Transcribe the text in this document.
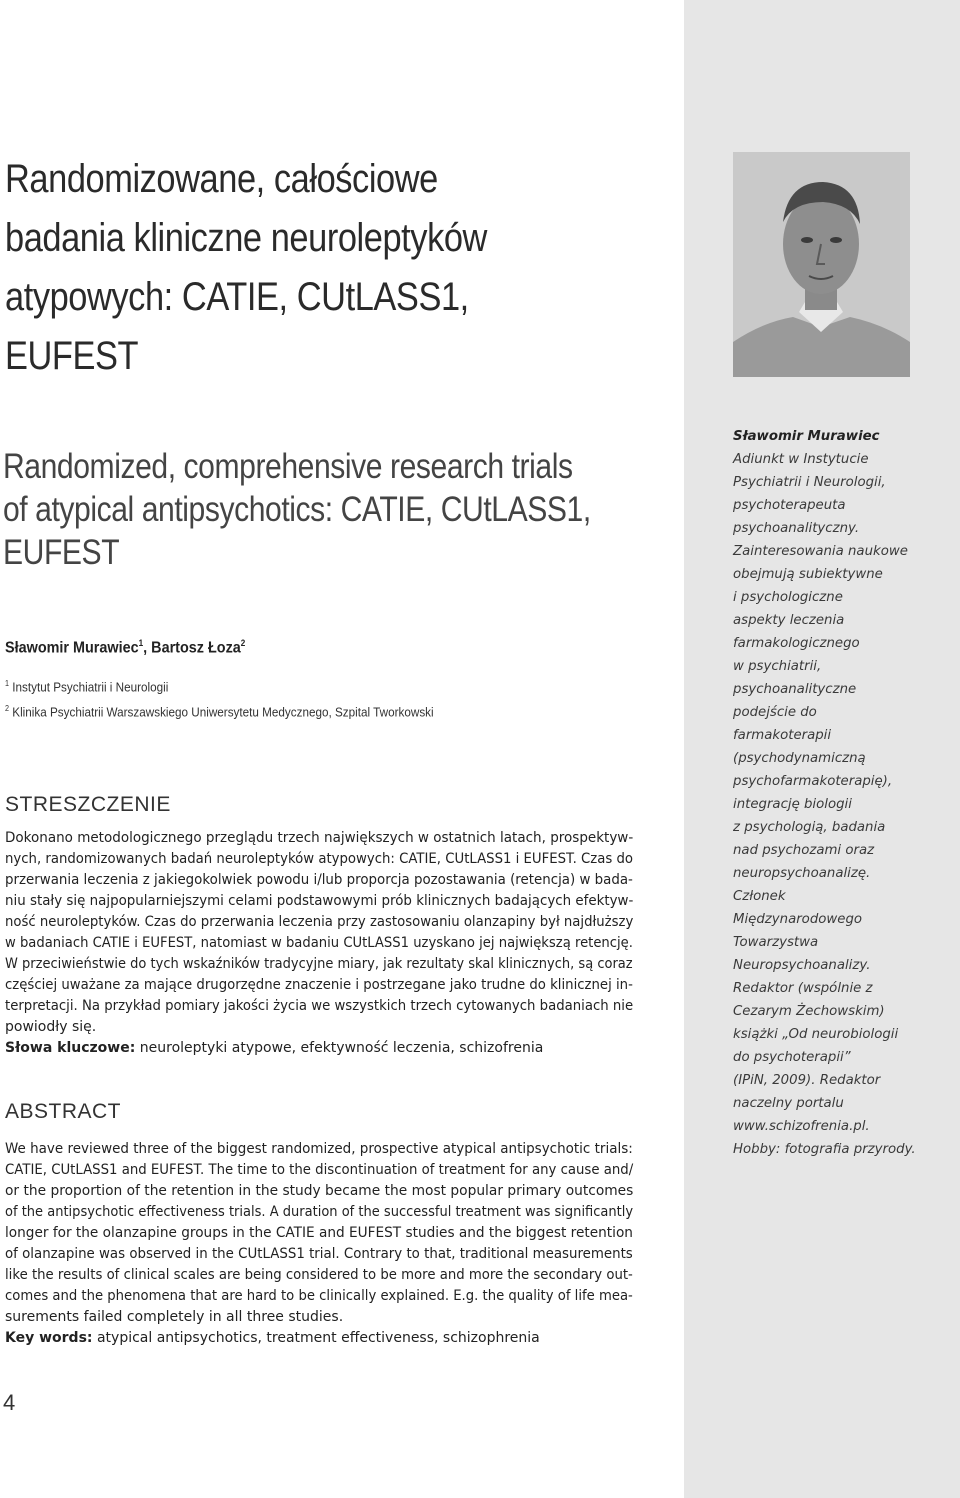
Sławomir Murawiec
Adiunkt w Instytucie
Psychiatrii i Neurologii,
psychoterapeuta
psychoanalityczny.
Zainteresowania naukowe
obejmują subiektywne
i psychologiczne
aspekty leczenia
farmakologicznego
w psychiatrii,
psychoanalityczne
podejście do
farmakoterapii
(psychodynamiczną
psychofarmakoterapię),
integrację biologii
z psychologią, badania
nad psychozami oraz
neuropsychoanalizę.
Członek
Międzynarodowego
Towarzystwa
Neuropsychoanalizy.
Redaktor (wspólnie z
Cezarym Żechowskim)
książki „Od neurobiologii
do psychoterapii”
(IPiN, 2009). Redaktor
naczelny portalu
www.schizofrenia.pl.
Hobby: fotografia przyrody.
Randomizowane, całościowe
badania kliniczne neuroleptyków
atypowych: CATIE, CUtLASS1,
EUFEST
Randomized, comprehensive research trials
of atypical antipsychotics: CATIE, CUtLASS1,
EUFEST
Sławomir Murawiec$^1$, Bartosz Łoza$^2$
$^1$ Instytut Psychiatrii i Neurologii
$^2$ Klinika Psychiatrii Warszawskiego Uniwersytetu Medycznego, Szpital Tworkowski
STRESZCZENIE
Dokonano metodologicznego przeglądu trzech największych w ostatnich latach, prospektyw-
nych, randomizowanych badań neuroleptyków atypowych: CATIE, CUtLASS1 i EUFEST. Czas do
przerwania leczenia z jakiegokolwiek powodu i/lub proporcja pozostawania (retencja) w bada-
niu stały się najpopularniejszymi celami podstawowymi prób klinicznych badających efektyw-
ność neuroleptyków. Czas do przerwania leczenia przy zastosowaniu olanzapiny był najdłuższy
w badaniach CATIE i EUFEST, natomiast w badaniu CUtLASS1 uzyskano jej największą retencję.
W przeciwieństwie do tych wskaźników tradycyjne miary, jak rezultaty skal klinicznych, są coraz
częściej uważane za mające drugorzędne znaczenie i postrzegane jako trudne do klinicznej in-
terpretacji. Na przykład pomiary jakości życia we wszystkich trzech cytowanych badaniach nie
powiodły się.
Słowa kluczowe: neuroleptyki atypowe, efektywność leczenia, schizofrenia
ABSTRACT
We have reviewed three of the biggest randomized, prospective atypical antipsychotic trials:
CATIE, CUtLASS1 and EUFEST. The time to the discontinuation of treatment for any cause and/
or the proportion of the retention in the study became the most popular primary outcomes
of the antipsychotic effectiveness trials. A duration of the successful treatment was significantly
longer for the olanzapine groups in the CATIE and EUFEST studies and the biggest retention
of olanzapine was observed in the CUtLASS1 trial. Contrary to that, traditional measurements
like the results of clinical scales are being considered to be more and more the secondary out-
comes and the phenomena that are hard to be clinically explained. E.g. the quality of life mea-
surements failed completely in all three studies.
Key words: atypical antipsychotics, treatment effectiveness, schizophrenia
4
